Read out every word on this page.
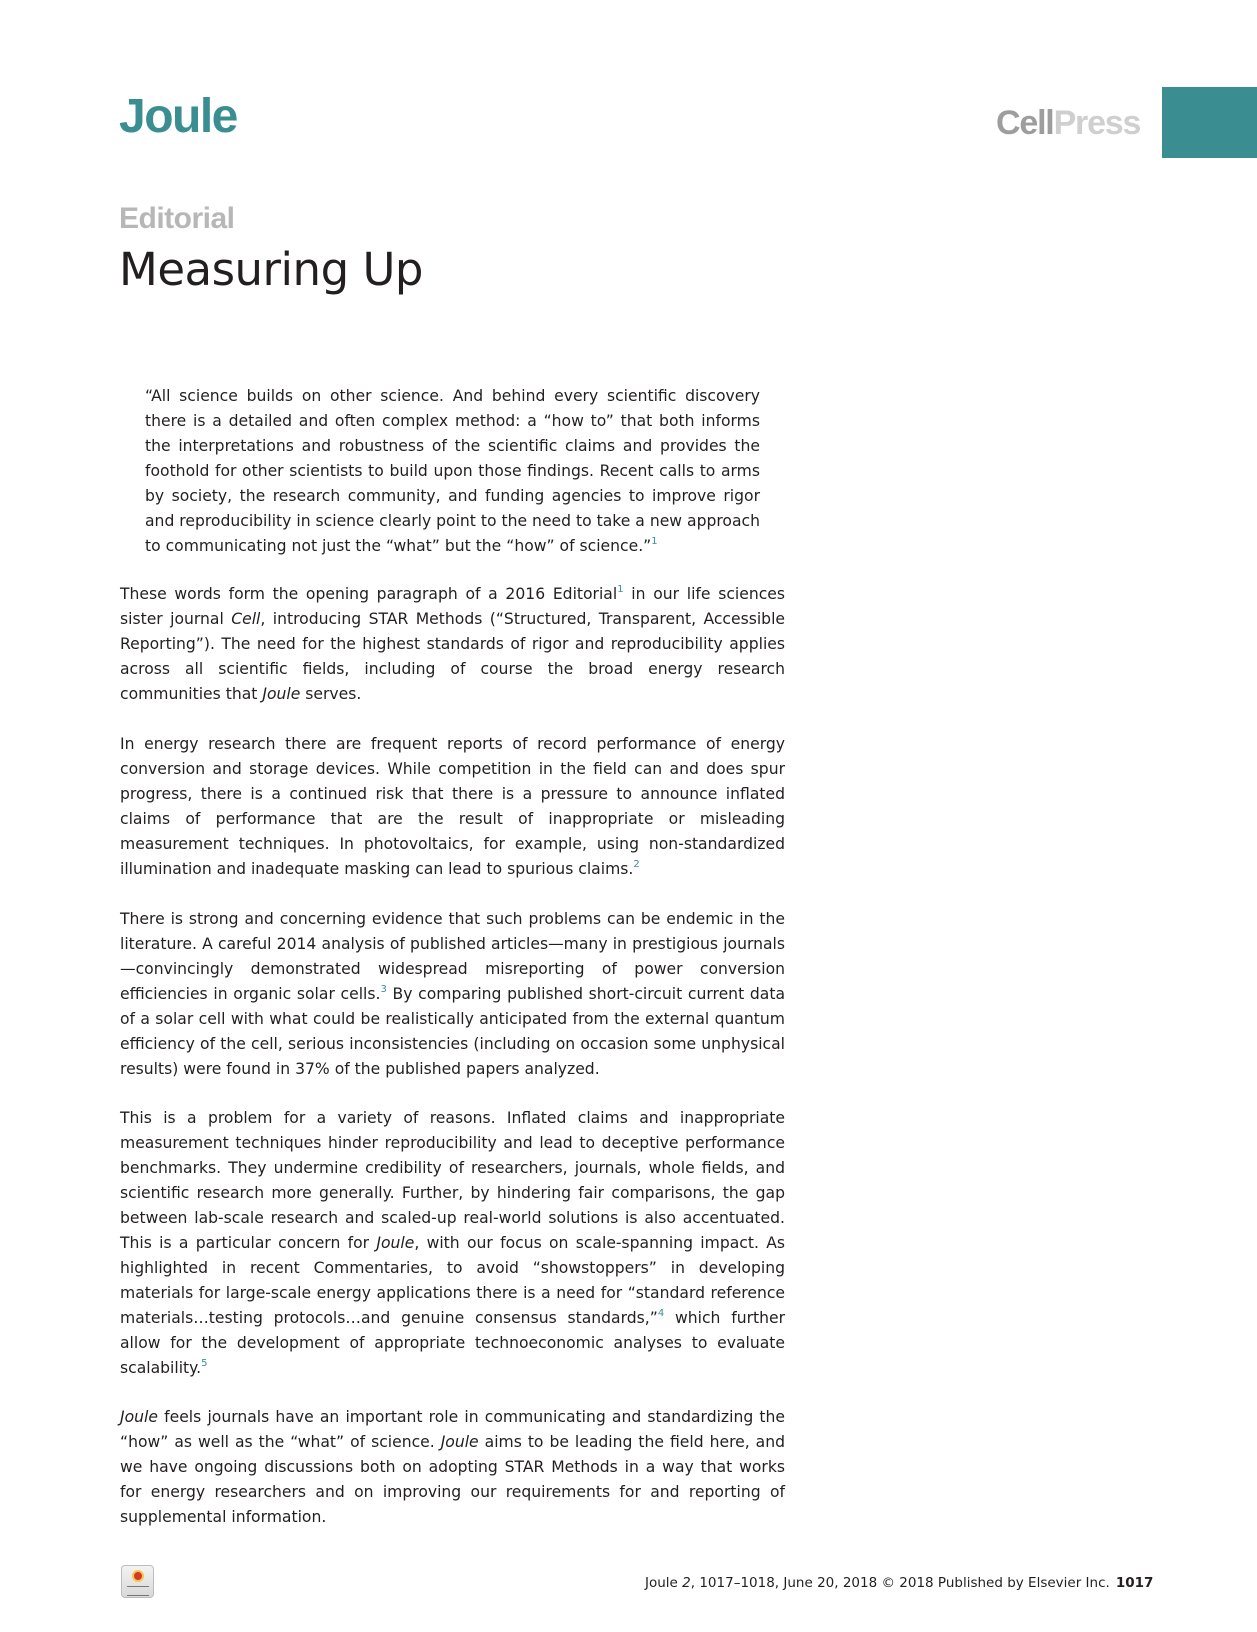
Joule	CellPress
Editorial
Measuring Up

“All science builds on other science. And behind every scientific discovery there is a detailed and often complex method: a “how to” that both informs the interpretations and robustness of the scientific claims and provides the foothold for other scientists to build upon those findings. Recent calls to arms by society, the research community, and funding agencies to improve rigor and reproducibility in science clearly point to the need to take a new approach to communicating not just the “what” but the “how” of science.”$^1$

These words form the opening paragraph of a 2016 Editorial$^1$ in our life sciences sister journal Cell, introducing STAR Methods (“Structured, Transparent, Accessible Reporting”). The need for the highest standards of rigor and reproducibility applies across all scientific fields, including of course the broad energy research communities that Joule serves.

In energy research there are frequent reports of record performance of energy conversion and storage devices. While competition in the field can and does spur progress, there is a continued risk that there is a pressure to announce inflated claims of performance that are the result of inappropriate or misleading measurement techniques. In photovoltaics, for example, using non-standardized illumination and inadequate masking can lead to spurious claims.$^2$

There is strong and concerning evidence that such problems can be endemic in the literature. A careful 2014 analysis of published articles—many in prestigious journals—convincingly demonstrated widespread misreporting of power conversion efficiencies in organic solar cells.$^3$ By comparing published short-circuit current data of a solar cell with what could be realistically anticipated from the external quantum efficiency of the cell, serious inconsistencies (including on occasion some unphysical results) were found in 37% of the published papers analyzed.

This is a problem for a variety of reasons. Inflated claims and inappropriate measurement techniques hinder reproducibility and lead to deceptive performance benchmarks. They undermine credibility of researchers, journals, whole fields, and scientific research more generally. Further, by hindering fair comparisons, the gap between lab-scale research and scaled-up real-world solutions is also accentuated. This is a particular concern for Joule, with our focus on scale-spanning impact. As highlighted in recent Commentaries, to avoid “showstoppers” in developing materials for large-scale energy applications there is a need for “standard reference materials…testing protocols…and genuine consensus standards,”$^4$ which further allow for the development of appropriate technoeconomic analyses to evaluate scalability.$^5$

Joule feels journals have an important role in communicating and standardizing the “how” as well as the “what” of science. Joule aims to be leading the field here, and we have ongoing discussions both on adopting STAR Methods in a way that works for energy researchers and on improving our requirements for and reporting of supplemental information.

Joule 2, 1017–1018, June 20, 2018 © 2018 Published by Elsevier Inc. 1017
